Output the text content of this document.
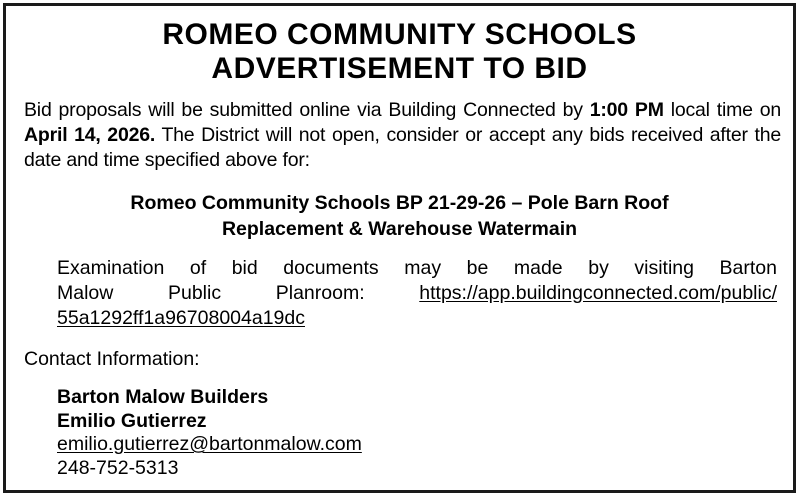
ROMEO COMMUNITY SCHOOLS
ADVERTISEMENT TO BID
Bid proposals will be submitted online via Building Connected by 1:00 PM local time on April 14, 2026. The District will not open, consider or accept any bids received after the date and time specified above for:
Romeo Community Schools BP 21-29-26 – Pole Barn Roof
Replacement & Warehouse Watermain
Examination of bid documents may be made by visiting Barton
Malow Public Planroom: https://app.buildingconnected.com/public/
55a1292ff1a96708004a19dc
Contact Information:
Barton Malow Builders
Emilio Gutierrez
emilio.gutierrez@bartonmalow.com
248-752-5313
